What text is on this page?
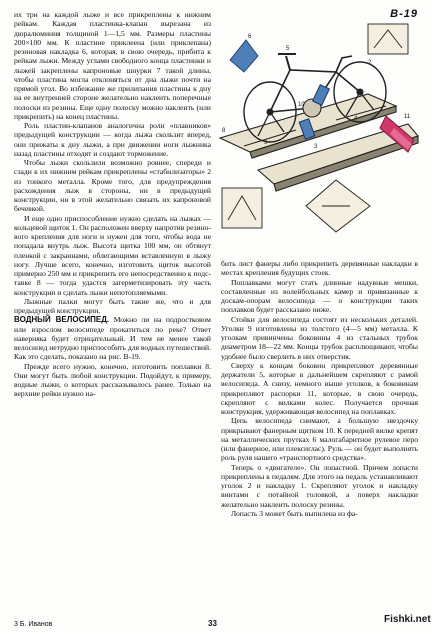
их три на каждой лыже и все прикреплены к нижним рейкам. Каждая пластинка-клапан вырезана из дюралюминия толщиной 1—1,5 мм. Размеры пластины 200×100 мм. К пластине приклеена (или приклепана) резиновая накладка 6, которая, в свою очередь, прибита к рейкам лыжи. Между углами свободного конца пластинки и лыжей закреплены капроновые шнурки 7 такой длины, чтобы пластина могла отклоняться от дна лыжи почти на прямой угол. Во избежание же прилипания пластины к дну на ее внутренней стороне желательно наклеить поперечные полоски из резины. Еще одну полоску можно наклеить (или прикрепить) на конец пластины.

Роль пластин-клапанов аналогична роли «плавников» предыдущей конструкции — когда лыжа скользит вперед, они прижаты к дну лыжи, а при движении ноги лыжника назад пластины отходят и создают торможение.

Чтобы лыжи скользили возможно ровнее, спереди и сзади к их нижним рейкам прикреплены «стабилизаторы» 2 из тонкого металла. Кроме того, для предупреждения расхождения лыж в стороны, ни в предыдущей конструкции, ни в этой желательно связать их капроновой бечевкой.

И еще одно приспособление нужно сделать на лыжах — кольцевой щиток 1. Он расположен вверху напротив резинового крепления для ноги и нужен для того, чтобы вода не попадала внутрь лыж. Высота щитка 100 мм, он обтянут пленкой с закраинами, облегающими вставленную в лыжу ногу. Лучше всего, конечно, изготовить щиток высотой примерно 250 мм и прикрепить его непосредственно к подставке 8 — тогда удастся загерметизировать эту часть конструкции и сделать лыжи непотопляемыми.

Лыжные палки могут быть такие же, что и для предыдущей конструкции.

ВОДНЫЙ ВЕЛОСИПЕД. Можно ли на подростковом или взрослом велосипеде прокатиться по реке? Ответ наверняка будет отрицательный. И тем не менее такой велосипед нетрудно приспособить для водных путешествий. Как это сделать, показано на рис. В-19.

Прежде всего нужно, конечно, изготовить поплавки 8. Они могут быть любой конструкции. Подойдут, к примеру, водные лыжи, о которых рассказывалось ранее. Только на верхние рейки нужно на-

B-19
6
8
11
3
10
4
9
5
2

бить лист фанеры либо прикрепить деревянные накладки в местах крепления будущих стоек.

Поплавками могут стать длинные надувные мешки, составленные из волейбольных камер и привязанные к доскам-опорам велосипеда — о конструкции таких поплавков будет рассказано ниже.

Стойки для велосипеда состоят из нескольких деталей. Уголки 9 изготовлены из толстого (4—5 мм) металла. К уголкам привинчены боковины 4 из стальных трубок диаметром 18—22 мм. Концы трубок расплющивают, чтобы удобнее было сверлить в них отверстия.

Сверху к концам боковин прикрепляют деревянные держатели 5, которые в дальнейшем скрепляют с рамой велосипеда. А снизу, немного выше уголков, к боковинам прикрепляют распорки 11, которые, в свою очередь, скрепляют с вилками колес. Получается прочная конструкция, удерживающая велосипед на поплавках.

Цепь велосипеда снимают, а большую звездочку прикрывают фанерным щитком 10. К передней вилке крепят на металлических прутках 6 малогабаритное рулевое перо (или фанерное, или плексиглас). Руль — он будет выполнять роль руля нашего «транспортного средства».

Теперь о «двигателе». Он лопастной. Причем лопасти прикреплены к педалям. Для этого на педаль устанавливают уголок 2 и накладку 1. Скрепляют уголок и накладку винтами с потайной головкой, а поверх накладки желательно наклеить полоску резины.

Лопасть 3 может быть выпилена из фа-

3 Б. Иванов	33	Fishki.net
